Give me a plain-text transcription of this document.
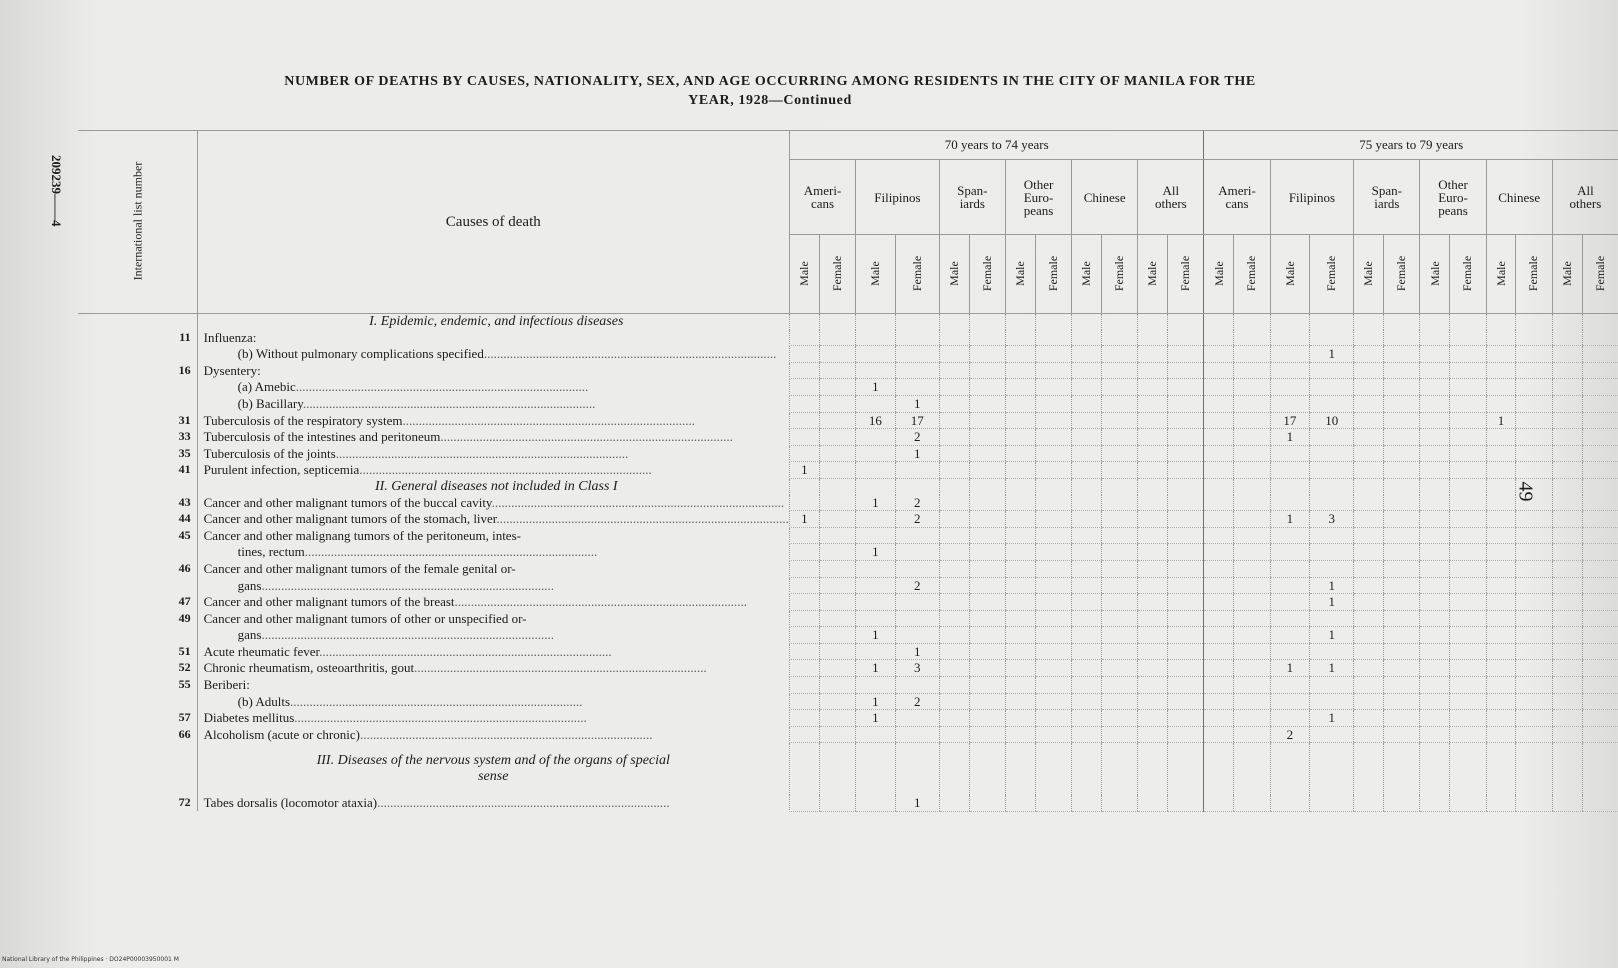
NUMBER OF DEATHS BY CAUSES, NATIONALITY, SEX, AND AGE OCCURRING AMONG RESIDENTS IN THE CITY OF MANILA FOR THE
YEAR, 1928—Continued
209239——4
49
National Library of the Philippines · DO24P00003950001 M
International list number	Causes of death	70 years to 74 years												75 years to 79 years											
		Ameri-
cans		Filipinos		Span-
iards		Other
Euro-
peans		Chinese		All
others		Ameri-
cans		Filipinos		Span-
iards		Other
Euro-
peans		Chinese		All
others	
		Male	Female	Male	Female	Male	Female	Male	Female	Male	Female	Male	Female	Male	Female	Male	Female	Male	Female	Male	Female	Male	Female	Male	Female
	I. Epidemic, endemic, and infectious diseases																								
11	Influenza:																								
	(b) Without pulmonary complications specified..........................................................................................																1								
16	Dysentery:																								
	(a) Amebic..........................................................................................			1																					
	(b) Bacillary..........................................................................................				1																				
31	Tuberculosis of the respiratory system..........................................................................................			16	17											17	10					1			
33	Tuberculosis of the intestines and peritoneum..........................................................................................				2											1									
35	Tuberculosis of the joints..........................................................................................				1																				
41	Purulent infection, septicemia..........................................................................................	1																							
	II. General diseases not included in Class I																								
43	Cancer and other malignant tumors of the buccal cavity..........................................................................................			1	2																				
44	Cancer and other malignant tumors of the stomach, liver..........................................................................................	1			2											1	3								
45	Cancer and other malignang tumors of the peritoneum, intes-																								
	tines, rectum..........................................................................................			1																					
46	Cancer and other malignant tumors of the female genital or-																								
	gans..........................................................................................				2												1								
47	Cancer and other malignant tumors of the breast..........................................................................................																1								
49	Cancer and other malignant tumors of other or unspecified or-																								
	gans..........................................................................................			1													1								
51	Acute rheumatic fever..........................................................................................				1																				
52	Chronic rheumatism, osteoarthritis, gout..........................................................................................			1	3											1	1								
55	Beriberi:																								
	(b) Adults..........................................................................................			1	2																				
57	Diabetes mellitus..........................................................................................			1													1								
66	Alcoholism (acute or chronic)..........................................................................................															2									
	III. Diseases of the nervous system and of the organs of special sense																								
72	Tabes dorsalis (locomotor ataxia)..........................................................................................				1																				
